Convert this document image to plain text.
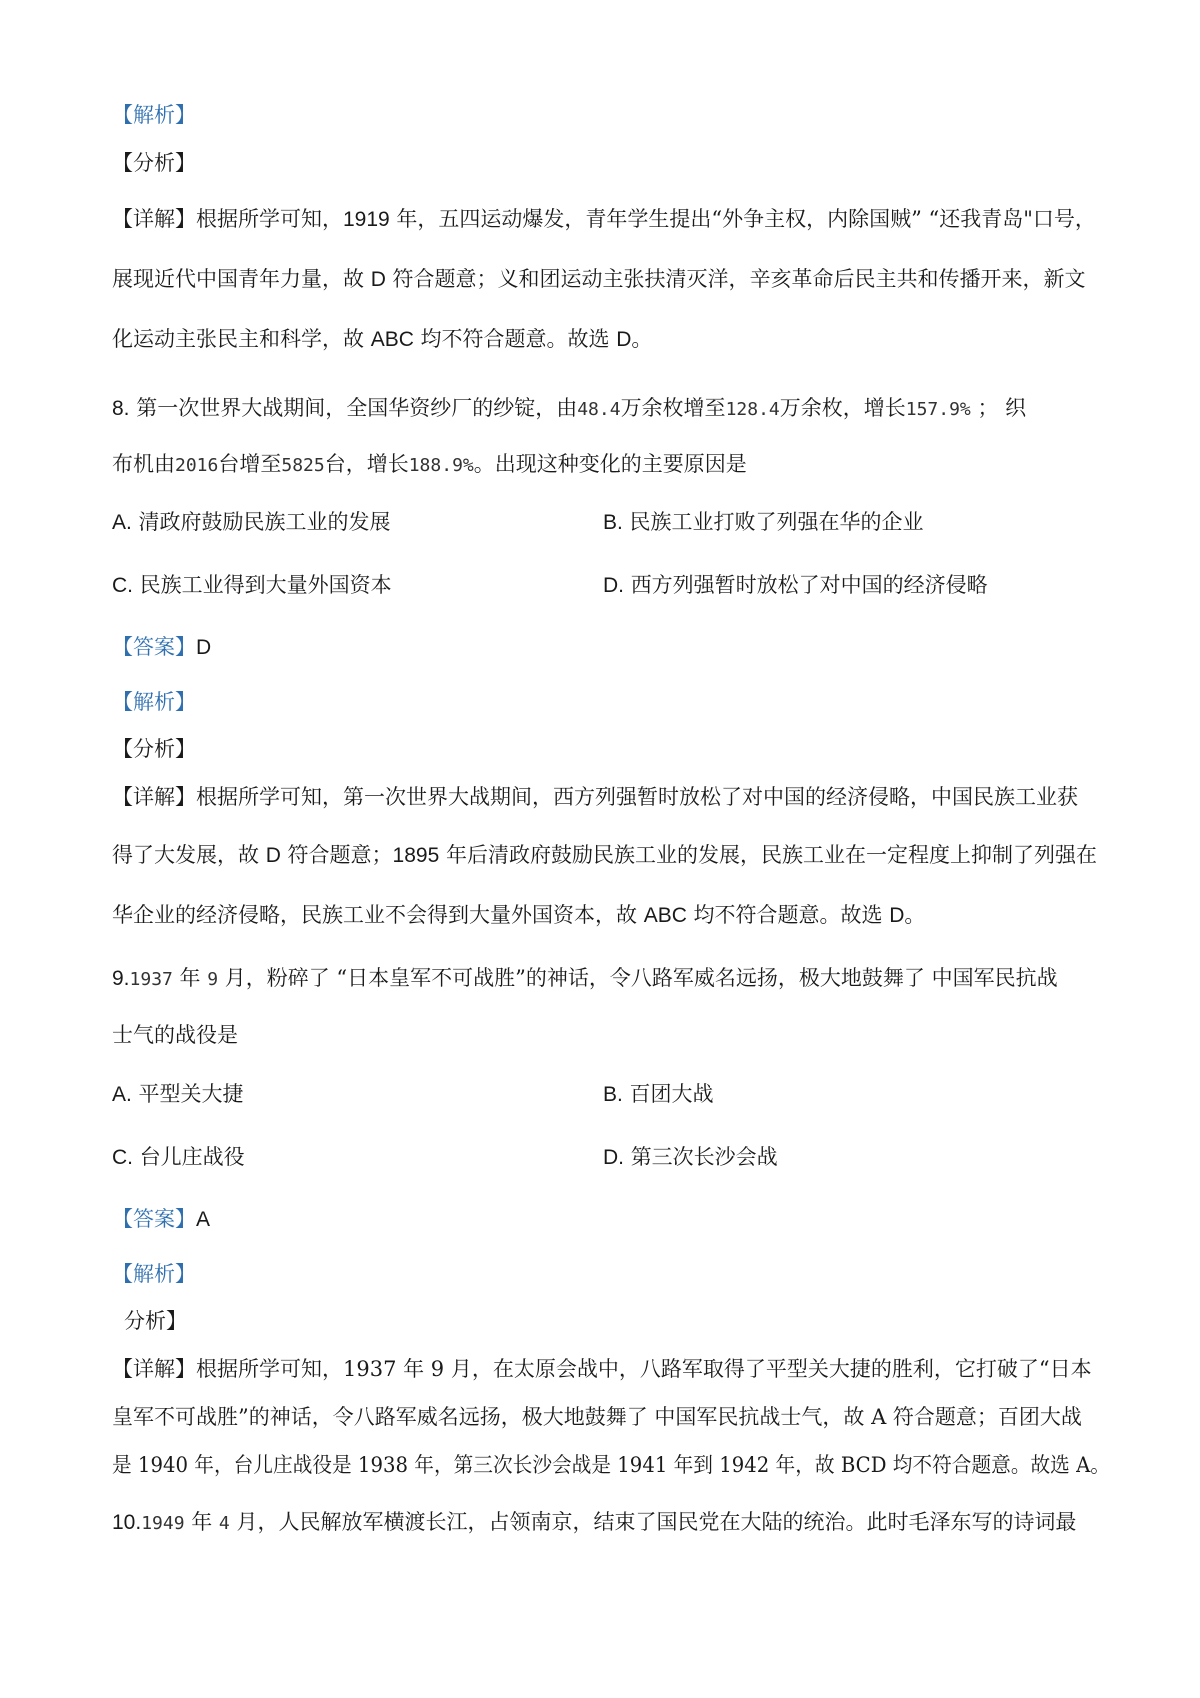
【解析】
【分析】
【详解】根据所学可知，1919 年，五四运动爆发，青年学生提出“外争主权，内除国贼” “还我青岛"口号，
展现近代中国青年力量，故 D 符合题意；义和团运动主张扶清灭洋，辛亥革命后民主共和传播开来，新文
化运动主张民主和科学，故 ABC 均不符合题意。故选 D。
8. 第一次世界大战期间，全国华资纱厂的纱锭，由48.4万余枚增至128.4万余枚，增长157.9% ； 织
布机由2016台增至5825台，增长188.9%。出现这种变化的主要原因是
A. 清政府鼓励民族工业的发展	B. 民族工业打败了列强在华的企业
C. 民族工业得到大量外国资本	D. 西方列强暂时放松了对中国的经济侵略
【答案】D
【解析】
【分析】
【详解】根据所学可知，第一次世界大战期间，西方列强暂时放松了对中国的经济侵略，中国民族工业获
得了大发展，故 D 符合题意；1895 年后清政府鼓励民族工业的发展，民族工业在一定程度上抑制了列强在
华企业的经济侵略，民族工业不会得到大量外国资本，故 ABC 均不符合题意。故选 D。
9.1937 年 9 月，粉碎了 “日本皇军不可战胜”的神话，令八路军威名远扬，极大地鼓舞了 中国军民抗战
士气的战役是
A. 平型关大捷	B. 百团大战
C. 台儿庄战役	D. 第三次长沙会战
【答案】A
【解析】
分析】
【详解】根据所学可知，1937 年 9 月，在太原会战中，八路军取得了平型关大捷的胜利，它打破了“日本
皇军不可战胜”的神话，令八路军威名远扬，极大地鼓舞了 中国军民抗战士气，故 A 符合题意；百团大战
是 1940 年，台儿庄战役是 1938 年，第三次长沙会战是 1941 年到 1942 年，故 BCD 均不符合题意。故选 A。
10.1949 年 4 月，人民解放军横渡长江，占领南京，结束了国民党在大陆的统治。此时毛泽东写的诗词最
